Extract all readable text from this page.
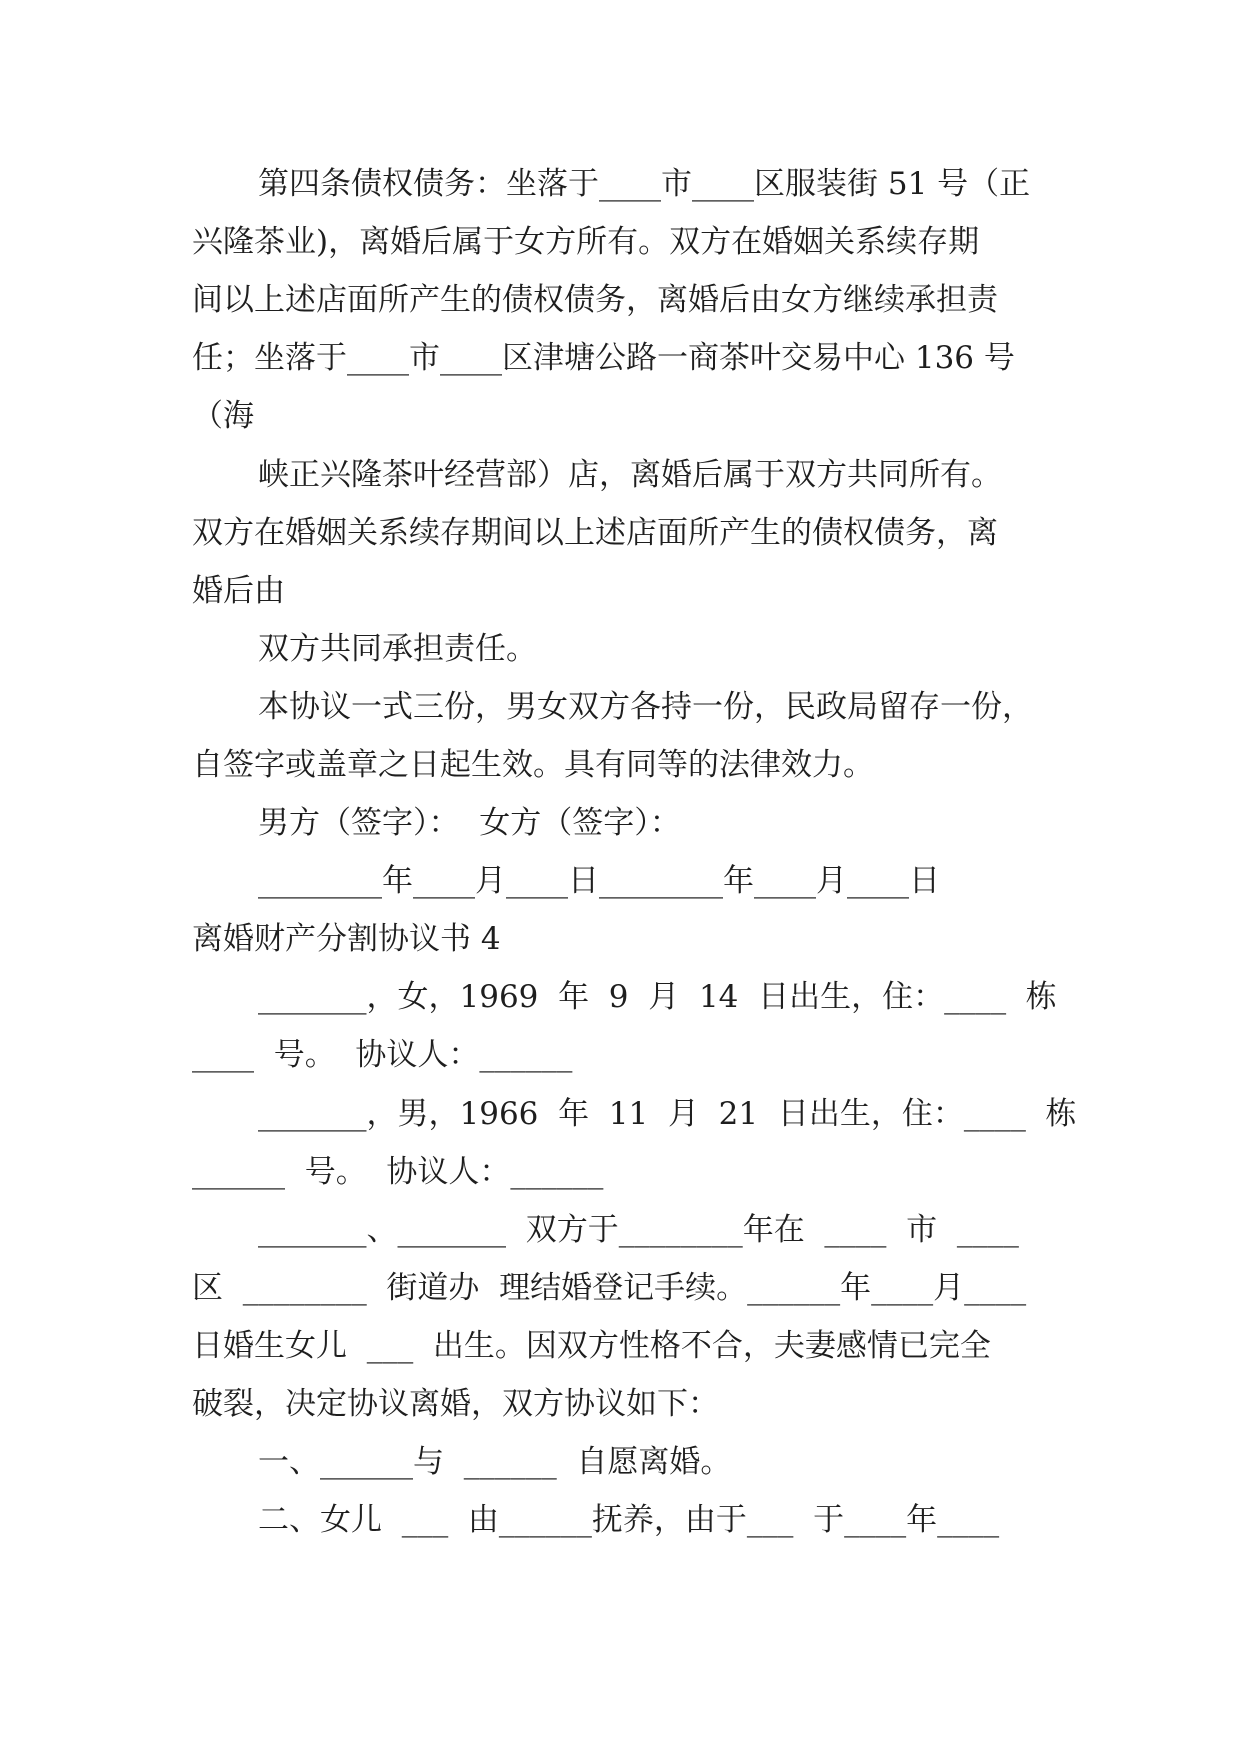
第四条债权债务：坐落于____市____区服装街 51 号（正

兴隆茶业)，离婚后属于女方所有。双方在婚姻关系续存期

间以上述店面所产生的债权债务，离婚后由女方继续承担责

任；坐落于____市____区津塘公路一商茶叶交易中心 136 号

（海

峡正兴隆茶叶经营部）店，离婚后属于双方共同所有。

双方在婚姻关系续存期间以上述店面所产生的债权债务，离

婚后由

双方共同承担责任。

本协议一式三份，男女双方各持一份，民政局留存一份，

自签字或盖章之日起生效。具有同等的法律效力。

男方（签字）：  女方（签字）：

________年____月____日________年____月____日

离婚财产分割协议书 4

_______，女，1969  年  9  月  14  日出生，住：____  栋

____  号。  协议人：______

_______，男，1966  年  11  月  21  日出生，住：____  栋

______  号。  协议人：______

_______、_______  双方于________年在  ____  市  ____

区  ________  街道办  理结婚登记手续。______年____月____

日婚生女儿  ___  出生。因双方性格不合，夫妻感情已完全

破裂，决定协议离婚，双方协议如下：

一、______与  ______  自愿离婚。

二、女儿  ___  由______抚养，由于___  于____年____
